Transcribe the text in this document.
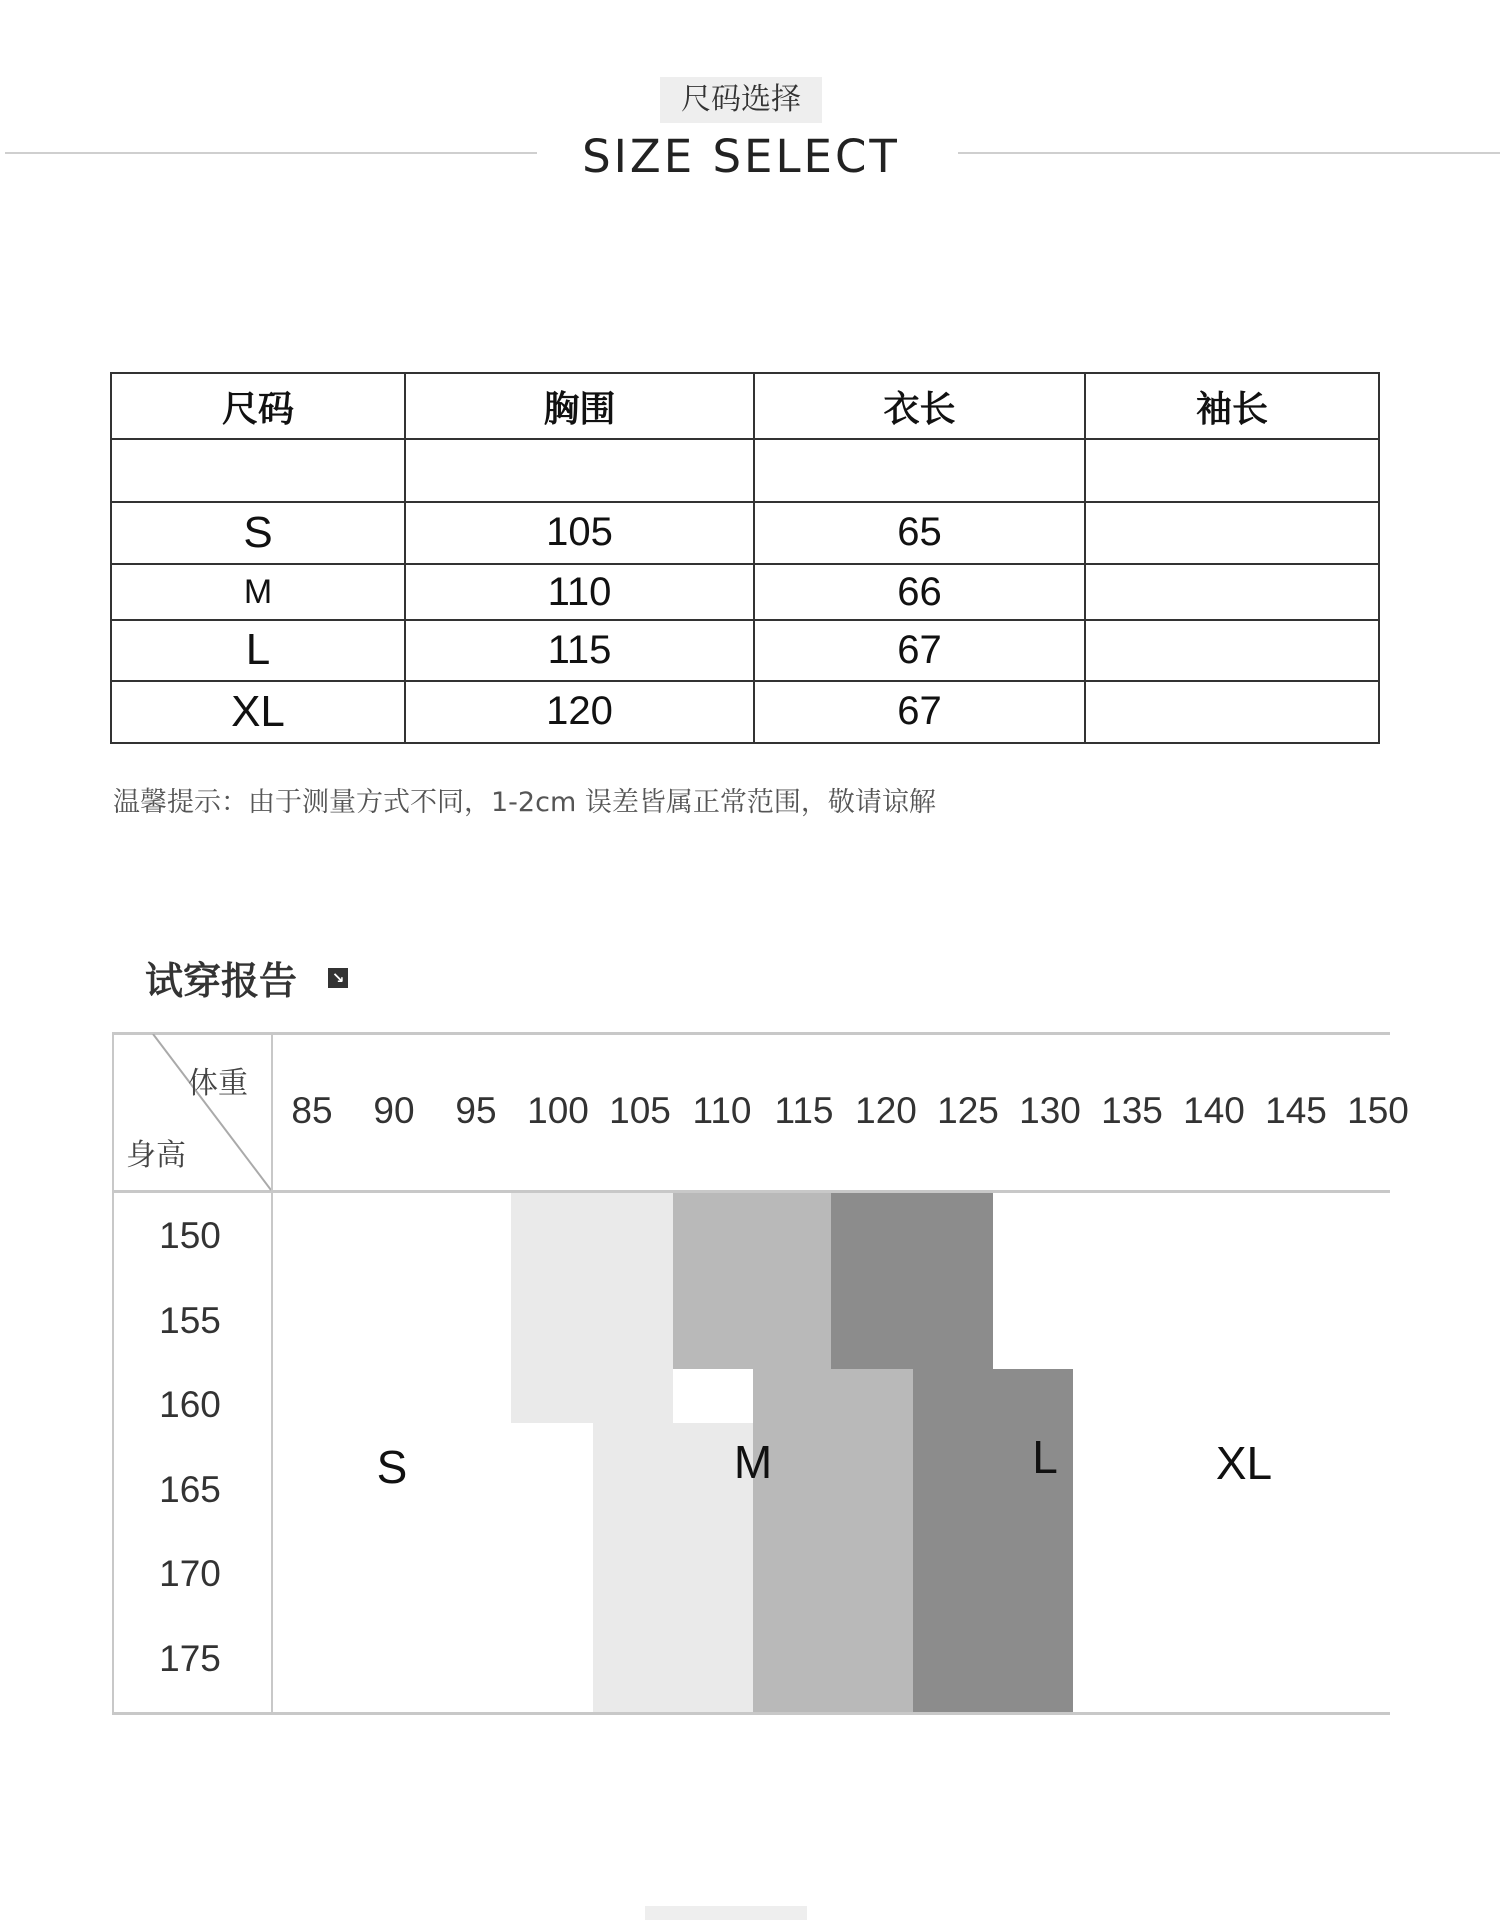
尺码选择
SIZE SELECT
尺码	胸围	衣长	袖长

S	105	65	
M	110	66	
L	115	67	
XL	120	67	
温馨提示：由于测量方式不同，1-2cm 误差皆属正常范围，敬请谅解
试穿报告 ↘
体重
身高
85 90 95 100 105 110 115 120 125 130 135 140 145 150
150
155
160
165
170
175
S	M	L	XL
